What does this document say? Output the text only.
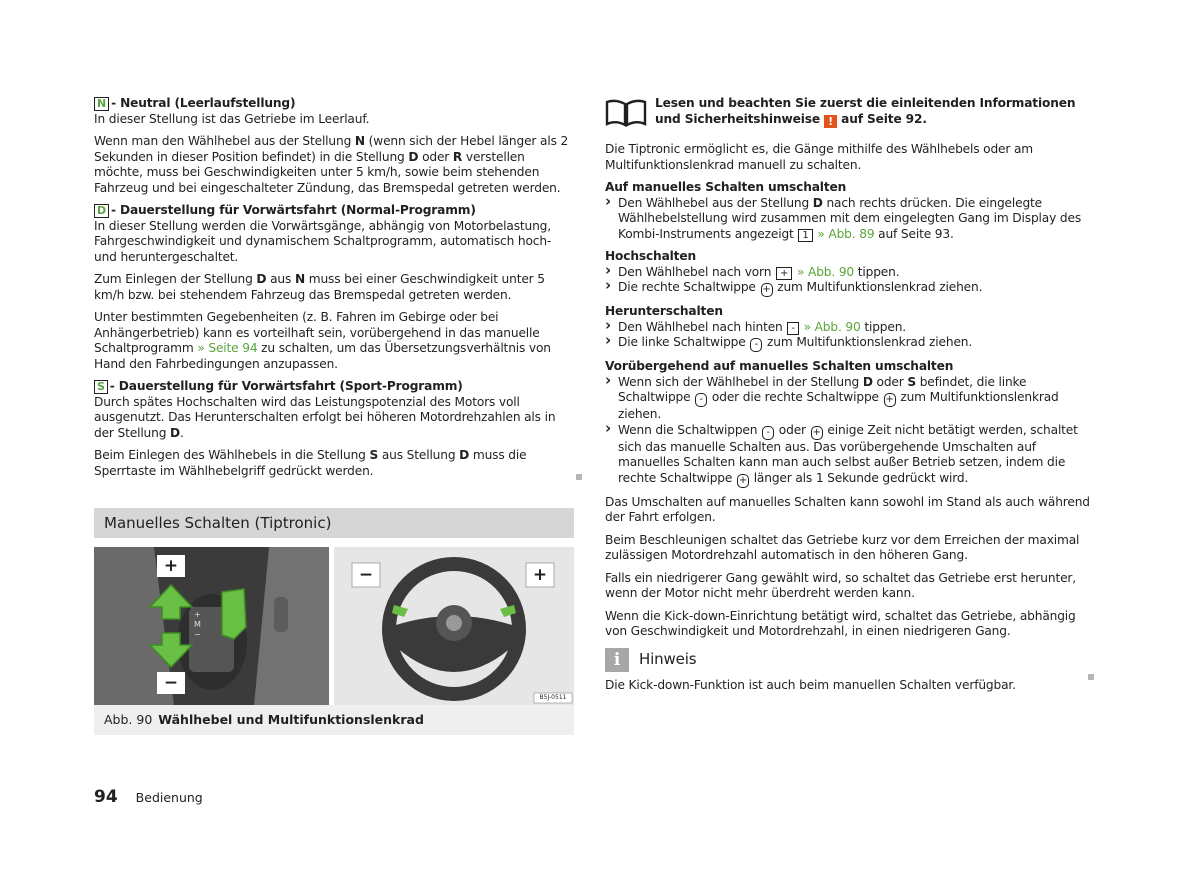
N - Neutral (Leerlaufstellung)
In dieser Stellung ist das Getriebe im Leerlauf.

Wenn man den Wählhebel aus der Stellung N (wenn sich der Hebel länger als 2 Sekunden in dieser Position befindet) in die Stellung D oder R verstellen möchte, muss bei Geschwindigkeiten unter 5 km/h, sowie beim stehenden Fahrzeug und bei eingeschalteter Zündung, das Bremspedal getreten werden.

D - Dauerstellung für Vorwärtsfahrt (Normal-Programm)
In dieser Stellung werden die Vorwärtsgänge, abhängig von Motorbelastung, Fahrgeschwindigkeit und dynamischem Schaltprogramm, automatisch hoch- und heruntergeschaltet.

Zum Einlegen der Stellung D aus N muss bei einer Geschwindigkeit unter 5 km/h bzw. bei stehendem Fahrzeug das Bremspedal getreten werden.

Unter bestimmten Gegebenheiten (z. B. Fahren im Gebirge oder bei Anhängerbetrieb) kann es vorteilhaft sein, vorübergehend in das manuelle Schaltprogramm » Seite 94 zu schalten, um das Übersetzungsverhältnis von Hand den Fahrbedingungen anzupassen.

S - Dauerstellung für Vorwärtsfahrt (Sport-Programm)
Durch spätes Hochschalten wird das Leistungspotenzial des Motors voll ausgenutzt. Das Herunterschalten erfolgt bei höheren Motordrehzahlen als in der Stellung D.

Beim Einlegen des Wählhebels in die Stellung S aus Stellung D muss die Sperrtaste im Wählhebelgriff gedrückt werden.

Manuelles Schalten (Tiptronic)
+
M
−
+
−
−	+
B5J-0511
Abb. 90 Wählhebel und Multifunktionslenkrad
Lesen und beachten Sie zuerst die einleitenden Informationen und Sicherheitshinweise ! auf Seite 92.

Die Tiptronic ermöglicht es, die Gänge mithilfe des Wählhebels oder am Multifunktionslenkrad manuell zu schalten.

Auf manuelles Schalten umschalten
› Den Wählhebel aus der Stellung D nach rechts drücken. Die eingelegte Wählhebelstellung wird zusammen mit dem eingelegten Gang im Display des Kombi-Instruments angezeigt 1 » Abb. 89 auf Seite 93.
Hochschalten
› Den Wählhebel nach vorn + » Abb. 90 tippen.
› Die rechte Schaltwippe + zum Multifunktionslenkrad ziehen.
Herunterschalten
› Den Wählhebel nach hinten - » Abb. 90 tippen.
› Die linke Schaltwippe - zum Multifunktionslenkrad ziehen.
Vorübergehend auf manuelles Schalten umschalten
› Wenn sich der Wählhebel in der Stellung D oder S befindet, die linke Schaltwippe - oder die rechte Schaltwippe + zum Multifunktionslenkrad ziehen.
› Wenn die Schaltwippen - oder + einige Zeit nicht betätigt werden, schaltet sich das manuelle Schalten aus. Das vorübergehende Umschalten auf manuelles Schalten kann man auch selbst außer Betrieb setzen, indem die rechte Schaltwippe + länger als 1 Sekunde gedrückt wird.

Das Umschalten auf manuelles Schalten kann sowohl im Stand als auch während der Fahrt erfolgen.

Beim Beschleunigen schaltet das Getriebe kurz vor dem Erreichen der maximal zulässigen Motordrehzahl automatisch in den höheren Gang.

Falls ein niedrigerer Gang gewählt wird, so schaltet das Getriebe erst herunter, wenn der Motor nicht mehr überdreht werden kann.

Wenn die Kick-down-Einrichtung betätigt wird, schaltet das Getriebe, abhängig von Geschwindigkeit und Motordrehzahl, in einen niedrigeren Gang.

i	Hinweis
Die Kick-down-Funktion ist auch beim manuellen Schalten verfügbar.
94 Bedienung
